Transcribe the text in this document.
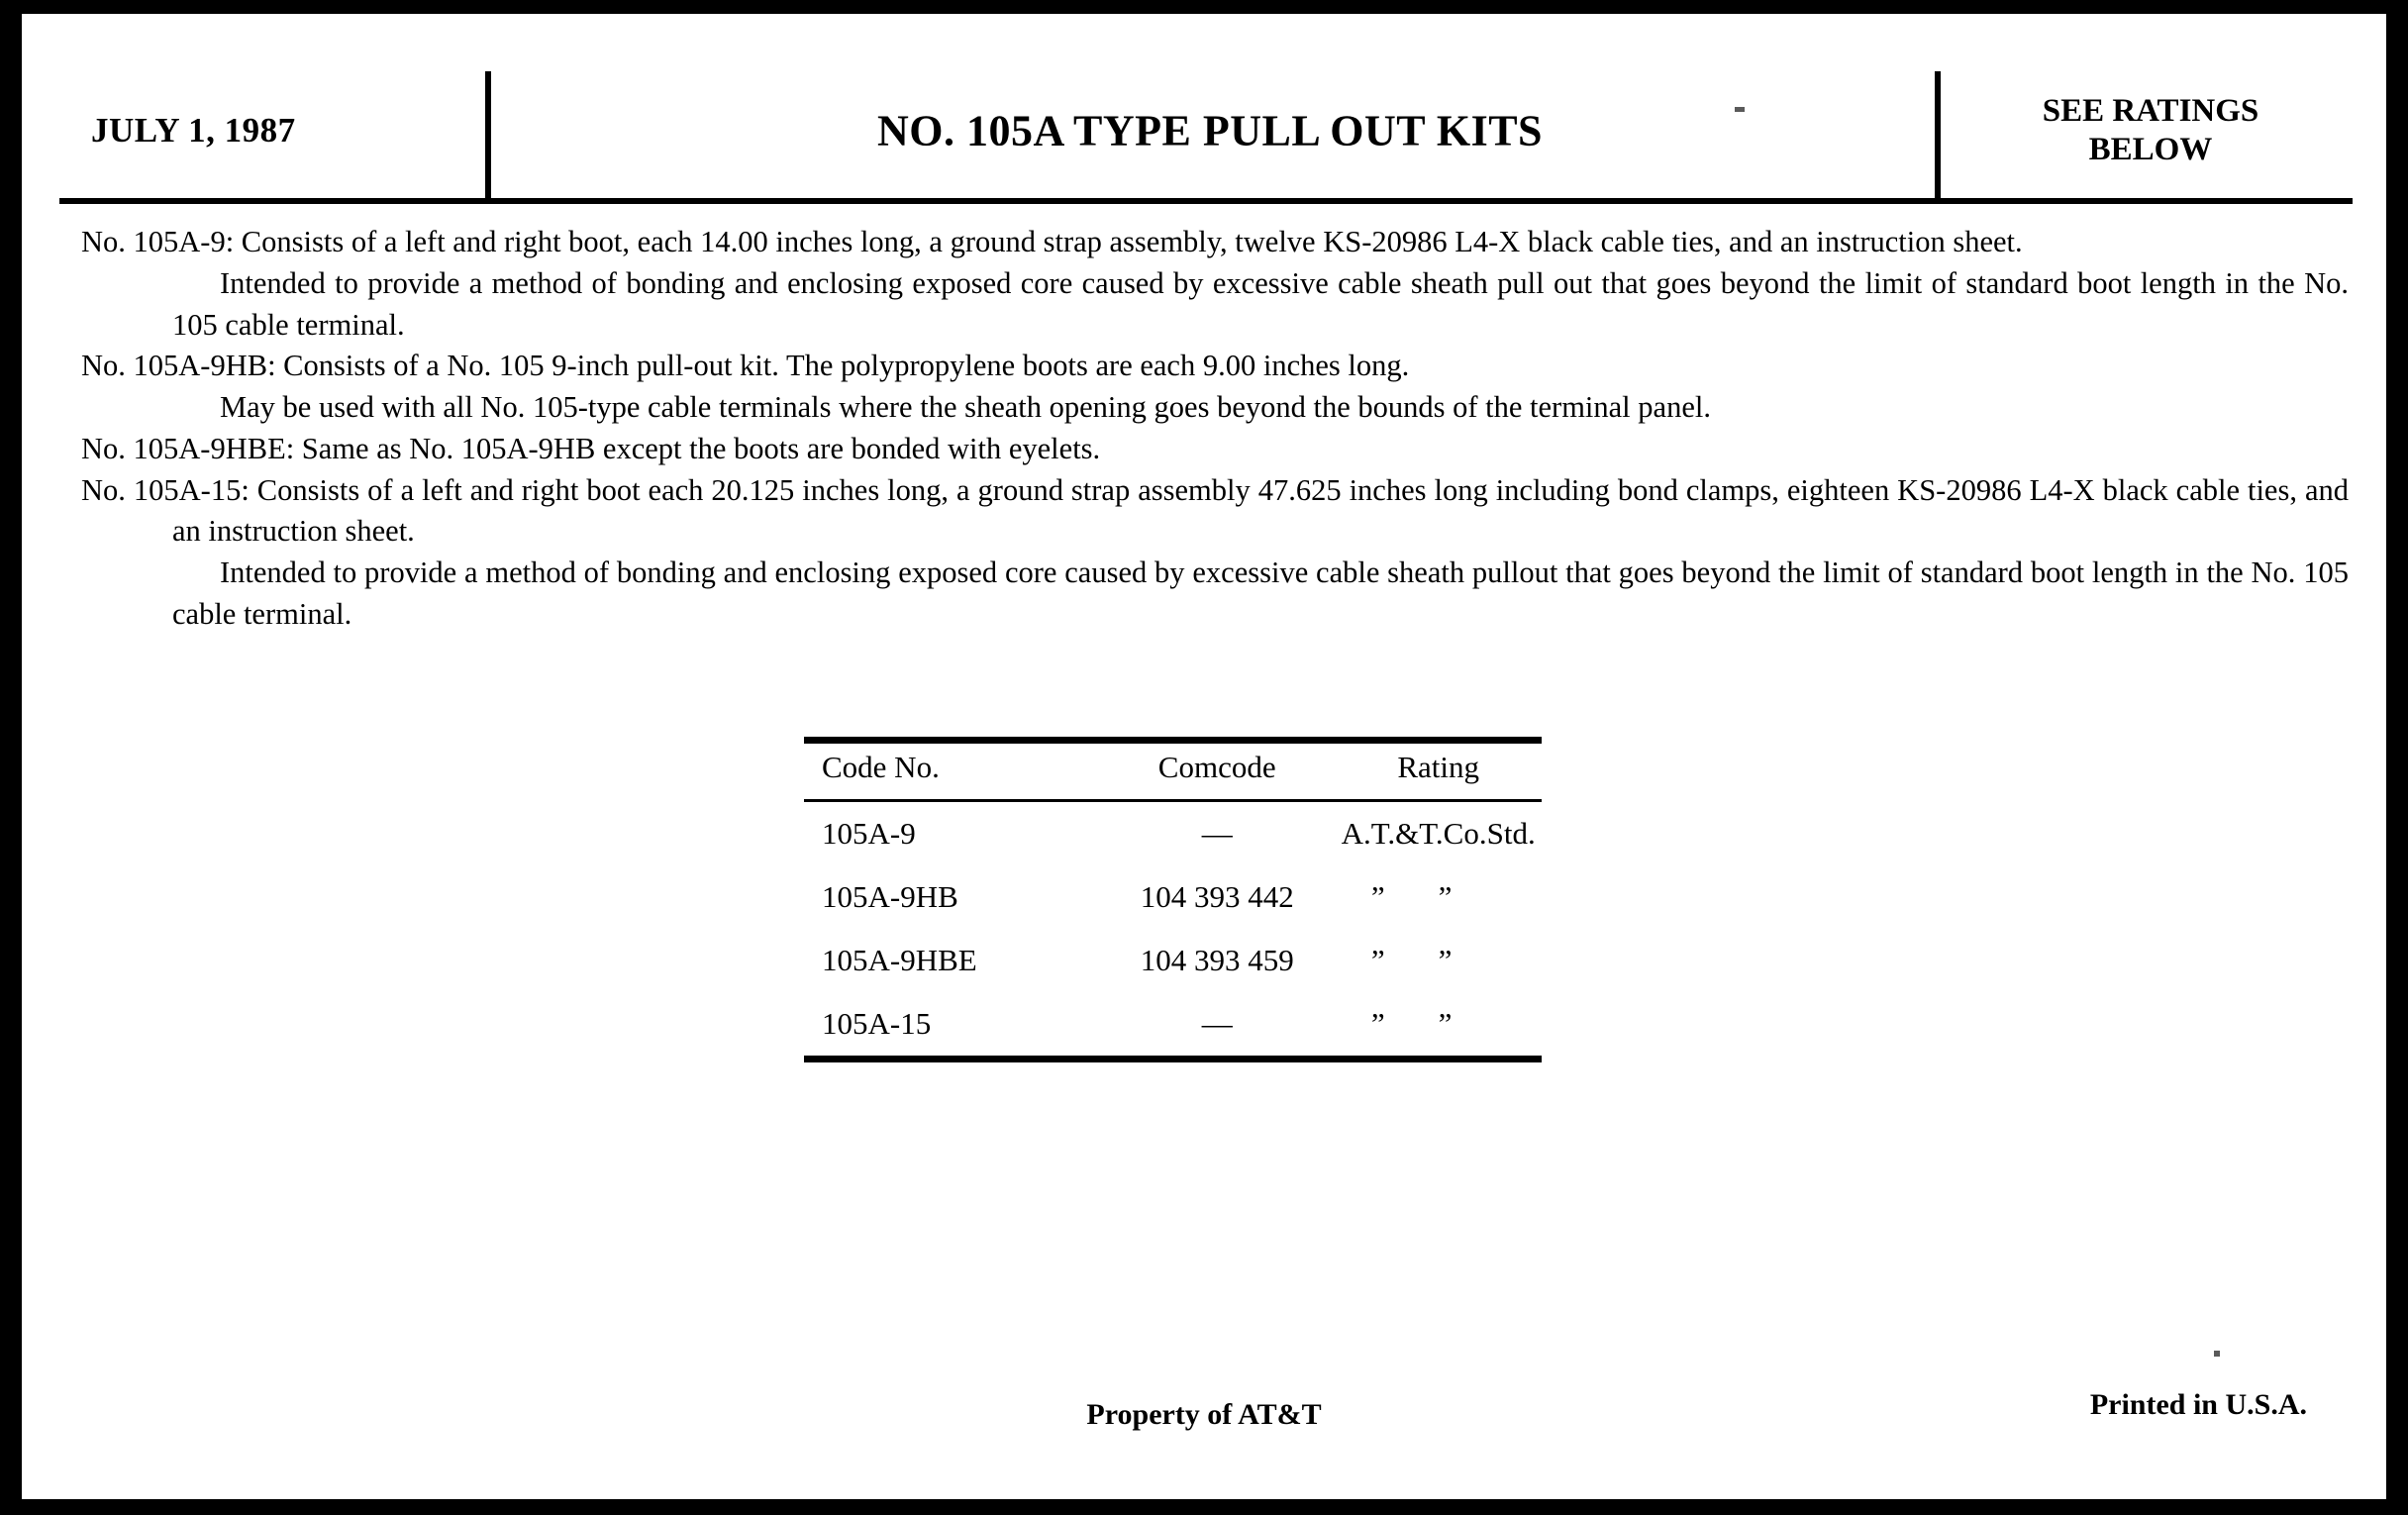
JULY 1, 1987	NO. 105A TYPE PULL OUT KITS	SEE RATINGS
BELOW

No. 105A-9: Consists of a left and right boot, each 14.00 inches long, a ground strap assembly, twelve KS-20986 L4-X black cable ties, and an instruction sheet.

Intended to provide a method of bonding and enclosing exposed core caused by excessive cable sheath pull out that goes beyond the limit of standard boot length in the No. 105 cable terminal.

No. 105A-9HB: Consists of a No. 105 9-inch pull-out kit. The polypropylene boots are each 9.00 inches long.

May be used with all No. 105-type cable terminals where the sheath opening goes beyond the bounds of the terminal panel.

No. 105A-9HBE: Same as No. 105A-9HB except the boots are bonded with eyelets.

No. 105A-15: Consists of a left and right boot each 20.125 inches long, a ground strap assembly 47.625 inches long including bond clamps, eighteen KS-20986 L4-X black cable ties, and an instruction sheet.

Intended to provide a method of bonding and enclosing exposed core caused by excessive cable sheath pullout that goes beyond the limit of standard boot length in the No. 105 cable terminal.

Code No.	Comcode	Rating
105A-9	—	A.T.&T.Co.Std.
105A-9HB	104 393 442	””
105A-9HBE	104 393 459	””
105A-15	—	””
Property of AT&T	Printed in U.S.A.
